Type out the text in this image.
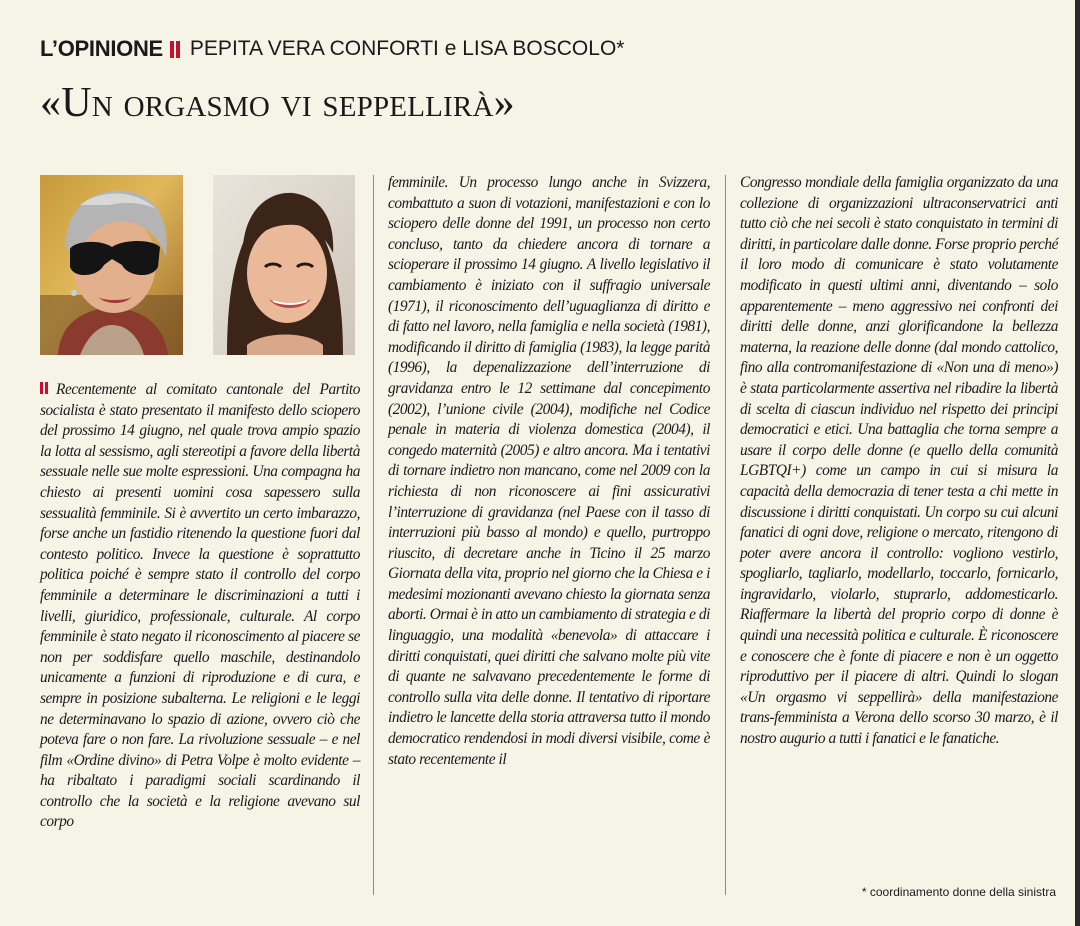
L’OPINIONE PEPITA VERA CONFORTI e LISA BOSCOLO*
«Un orgasmo vi seppellirà»
Recentemente al comitato cantonale del Partito socialista è stato presentato il manifesto dello sciopero del prossimo 14 giugno, nel quale trova ampio spazio la lotta al sessismo, agli stereotipi a favore della libertà sessuale nelle sue molte espressioni. Una compagna ha chiesto ai presenti uomini cosa sapessero sulla sessualità femminile. Si è avvertito un certo imbarazzo, forse anche un fastidio ritenendo la questione fuori dal contesto politico. Invece la questione è soprattutto politica poiché è sempre stato il controllo del corpo femminile a determinare le discriminazioni a tutti i livelli, giuridico, professionale, culturale. Al corpo femminile è stato negato il riconoscimento al piacere se non per soddisfare quello maschile, destinandolo unicamente a funzioni di riproduzione e di cura, e sempre in posizione subalterna. Le religioni e le leggi ne determinavano lo spazio di azione, ovvero ciò che poteva fare o non fare. La rivoluzione sessuale – e nel film «Ordine divino» di Petra Volpe è molto evidente – ha ribaltato i paradigmi sociali scardinando il controllo che la società e la religione avevano sul corpo
femminile. Un processo lungo anche in Svizzera, combattuto a suon di votazioni, manifestazioni e con lo sciopero delle donne del 1991, un processo non certo concluso, tanto da chiedere ancora di tornare a scioperare il prossimo 14 giugno. A livello legislativo il cambiamento è iniziato con il suffragio universale (1971), il riconoscimento dell’uguaglianza di diritto e di fatto nel lavoro, nella famiglia e nella società (1981), modificando il diritto di famiglia (1983), la legge parità (1996), la depenalizzazione dell’interruzione di gravidanza entro le 12 settimane dal concepimento (2002), l’unione civile (2004), modifiche nel Codice penale in materia di violenza domestica (2004), il congedo maternità (2005) e altro ancora. Ma i tentativi di tornare indietro non mancano, come nel 2009 con la richiesta di non riconoscere ai fini assicurativi l’interruzione di gravidanza (nel Paese con il tasso di interruzioni più basso al mondo) e quello, purtroppo riuscito, di decretare anche in Ticino il 25 marzo Giornata della vita, proprio nel giorno che la Chiesa e i medesimi mozionanti avevano chiesto la giornata senza aborti. Ormai è in atto un cambiamento di strategia e di linguaggio, una modalità «benevola» di attaccare i diritti conquistati, quei diritti che salvano molte più vite di quante ne salvavano precedentemente le forme di controllo sulla vita delle donne. Il tentativo di riportare indietro le lancette della storia attraversa tutto il mondo democratico rendendosi in modi diversi visibile, come è stato recentemente il
Congresso mondiale della famiglia organizzato da una collezione di organizzazioni ultraconservatrici anti tutto ciò che nei secoli è stato conquistato in termini di diritti, in particolare dalle donne. Forse proprio perché il loro modo di comunicare è stato volutamente modificato in questi ultimi anni, diventando – solo apparentemente – meno aggressivo nei confronti dei diritti delle donne, anzi glorificandone la bellezza materna, la reazione delle donne (dal mondo cattolico, fino alla contromanifestazione di «Non una di meno») è stata particolarmente assertiva nel ribadire la libertà di scelta di ciascun individuo nel rispetto dei principi democratici e etici. Una battaglia che torna sempre a usare il corpo delle donne (e quello della comunità LGBTQI+) come un campo in cui si misura la capacità della democrazia di tener testa a chi mette in discussione i diritti conquistati. Un corpo su cui alcuni fanatici di ogni dove, religione o mercato, ritengono di poter avere ancora il controllo: vogliono vestirlo, spogliarlo, tagliarlo, modellarlo, toccarlo, fornicarlo, ingravidarlo, violarlo, stuprarlo, addomesticarlo. Riaffermare la libertà del proprio corpo di donne è quindi una necessità politica e culturale. È riconoscere e conoscere che è fonte di piacere e non è un oggetto riproduttivo per il piacere di altri. Quindi lo slogan «Un orgasmo vi seppellirà» della manifestazione trans-femminista a Verona dello scorso 30 marzo, è il nostro augurio a tutti i fanatici e le fanatiche.
* coordinamento donne della sinistra
